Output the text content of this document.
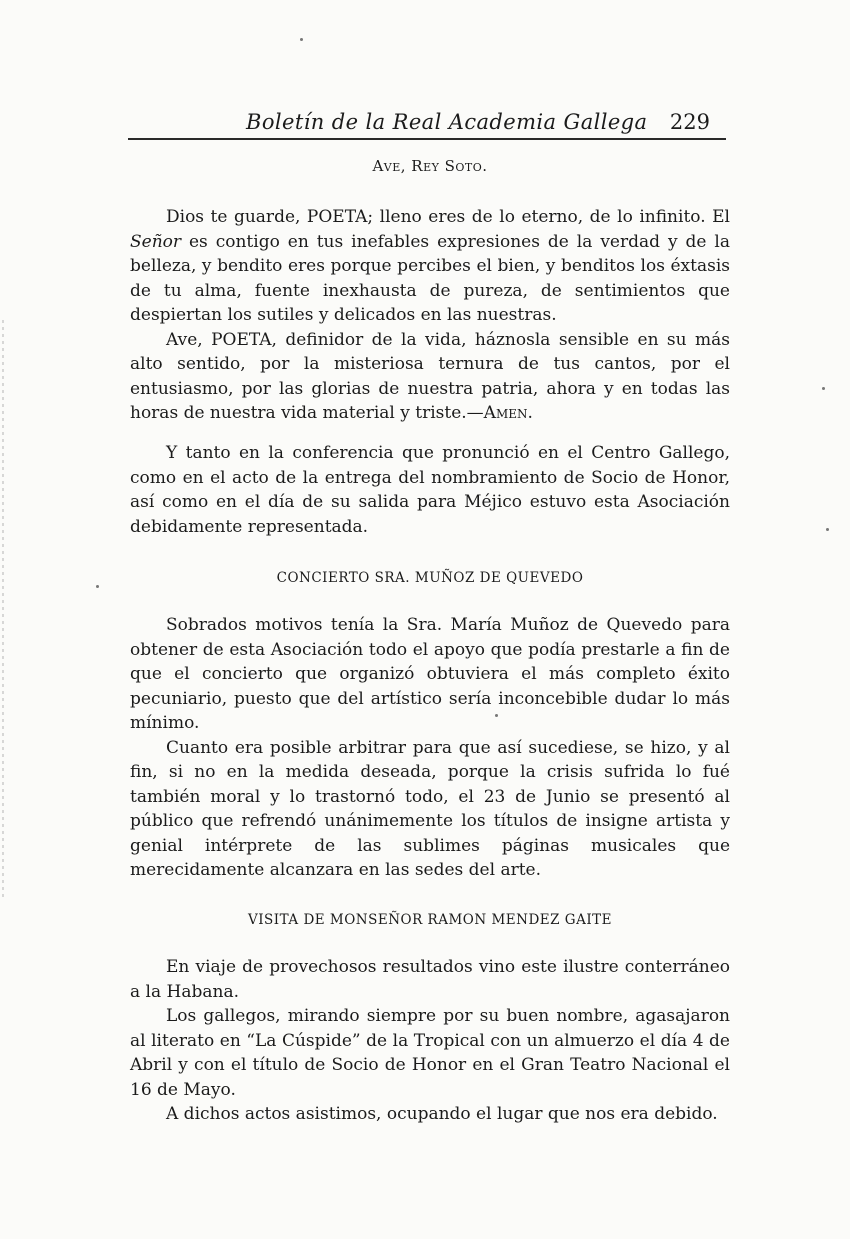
Boletín de la Real Academia Gallega 229
Ave, Rey Soto.

Dios te guarde, POETA; lleno eres de lo eterno, de lo infinito. El Señor es contigo en tus inefables expresiones de la verdad y de la belleza, y bendito eres porque percibes el bien, y benditos los éxtasis de tu alma, fuente inexhausta de pureza, de sentimientos que despiertan los sutiles y delicados en las nuestras.

Ave, POETA, definidor de la vida, háznosla sensible en su más alto sentido, por la misteriosa ternura de tus cantos, por el entusiasmo, por las glorias de nuestra patria, ahora y en todas las horas de nuestra vida material y triste.—Amen.

Y tanto en la conferencia que pronunció en el Centro Gallego, como en el acto de la entrega del nombramiento de Socio de Honor, así como en el día de su salida para Méjico estuvo esta Asociación debidamente representada.

CONCIERTO SRA. MUÑOZ DE QUEVEDO

Sobrados motivos tenía la Sra. María Muñoz de Quevedo para obtener de esta Asociación todo el apoyo que podía prestarle a fin de que el concierto que organizó obtuviera el más completo éxito pecuniario, puesto que del artístico sería inconcebible dudar lo más mínimo.

Cuanto era posible arbitrar para que así sucediese, se hizo, y al fin, si no en la medida deseada, porque la crisis sufrida lo fué también moral y lo trastornó todo, el 23 de Junio se presentó al público que refrendó unánimemente los títulos de insigne artista y genial intérprete de las sublimes páginas musicales que merecidamente alcanzara en las sedes del arte.

VISITA DE MONSEÑOR RAMON MENDEZ GAITE

En viaje de provechosos resultados vino este ilustre conterráneo a la Habana.

Los gallegos, mirando siempre por su buen nombre, agasajaron al literato en “La Cúspide” de la Tropical con un almuerzo el día 4 de Abril y con el título de Socio de Honor en el Gran Teatro Nacional el 16 de Mayo.

A dichos actos asistimos, ocupando el lugar que nos era debido.
